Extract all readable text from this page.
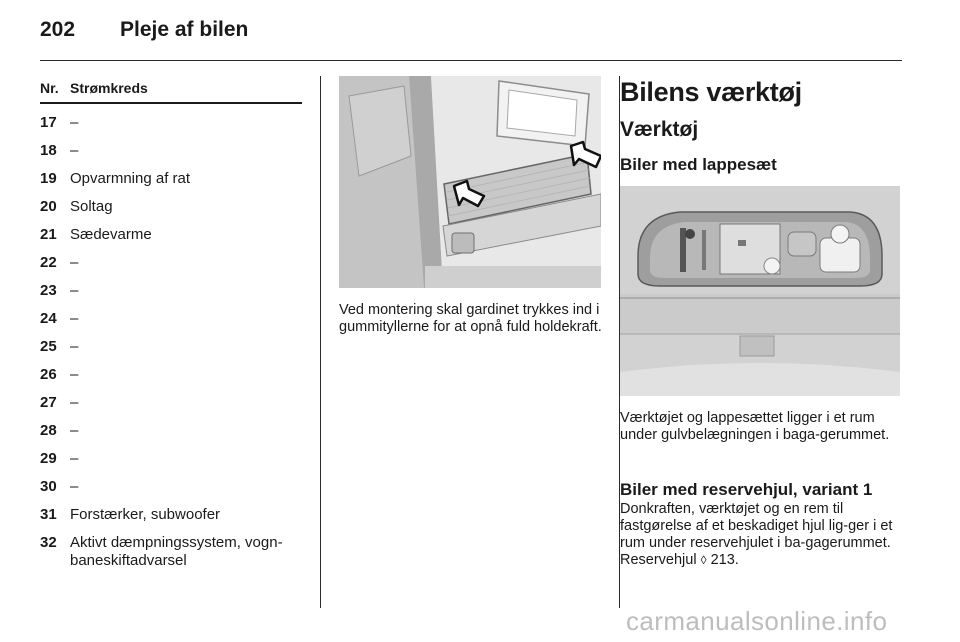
202 Pleje af bilen
Nr. Strømkreds
17 –
18 –
19 Opvarmning af rat
20 Soltag
21 Sædevarme
22 –
23 –
24 –
25 –
26 –
27 –
28 –
29 –
30 –
31 Forstærker, subwoofer
32 Aktivt dæmpningssystem, vogn-baneskiftadvarsel
Ved montering skal gardinet trykkes ind i gummityllerne for at opnå fuld holdekraft.
Bilens værktøj
Værktøj
Biler med lappesæt
Værktøjet og lappesættet ligger i et rum under gulvbelægningen i baga-gerummet.
Biler med reservehjul, variant 1
Donkraften, værktøjet og en rem til fastgørelse af et beskadiget hjul lig-ger i et rum under reservehjulet i ba-gagerummet. Reservehjul ◊ 213.
carmanualsonline.info
